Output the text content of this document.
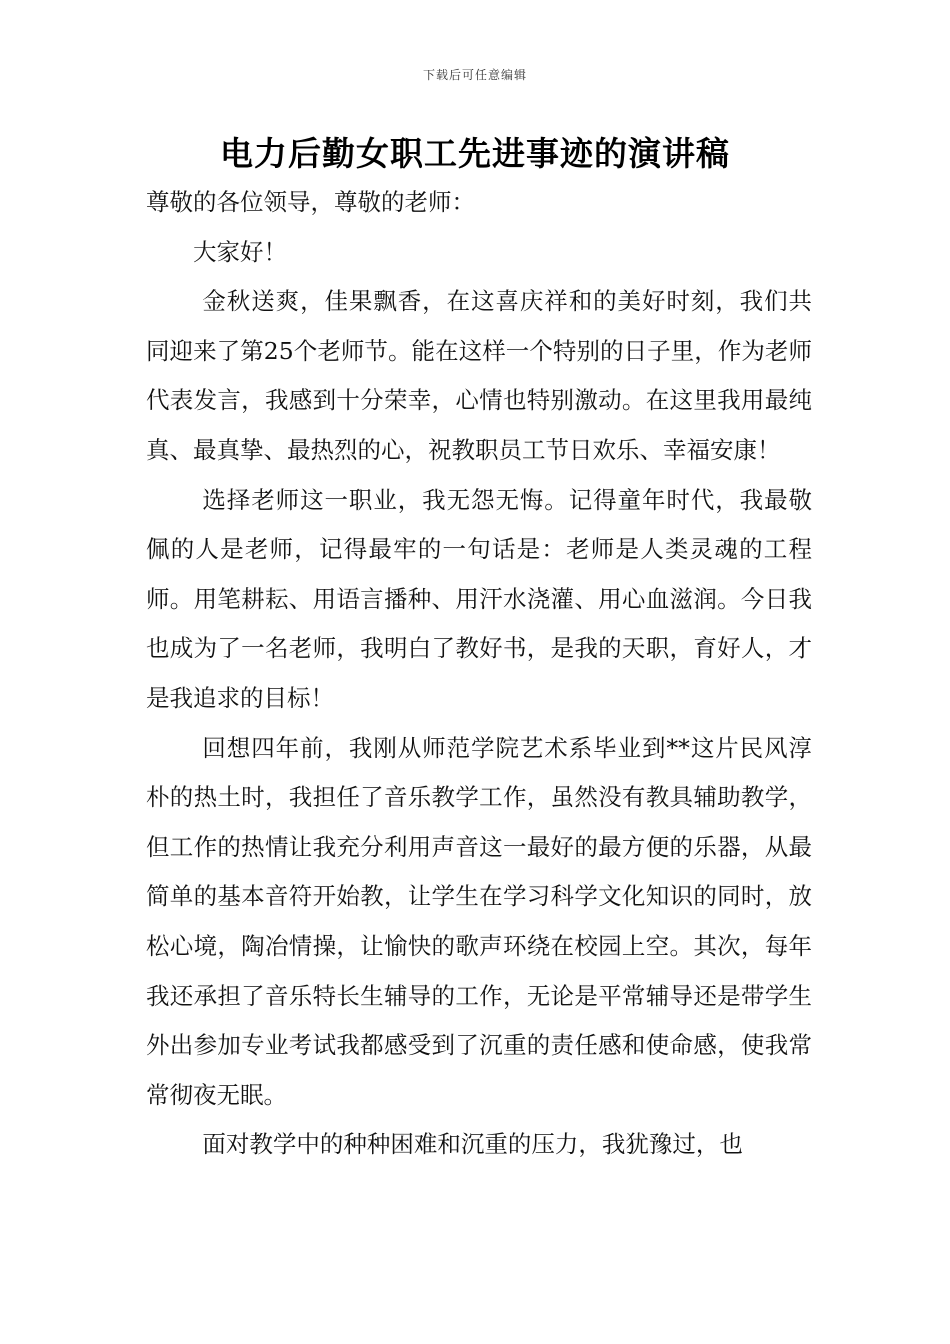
下载后可任意编辑
电力后勤女职工先进事迹的演讲稿

尊敬的各位领导，尊敬的老师：

大家好！

金秋送爽，佳果飘香，在这喜庆祥和的美好时刻，我们共同迎来了第25个老师节。能在这样一个特别的日子里，作为老师代表发言，我感到十分荣幸，心情也特别激动。在这里我用最纯真、最真挚、最热烈的心，祝教职员工节日欢乐、幸福安康！

选择老师这一职业，我无怨无悔。记得童年时代，我最敬佩的人是老师，记得最牢的一句话是：老师是人类灵魂的工程师。用笔耕耘、用语言播种、用汗水浇灌、用心血滋润。今日我也成为了一名老师，我明白了教好书，是我的天职，育好人，才是我追求的目标！

回想四年前，我刚从师范学院艺术系毕业到**这片民风淳朴的热土时，我担任了音乐教学工作，虽然没有教具辅助教学，但工作的热情让我充分利用声音这一最好的最方便的乐器，从最简单的基本音符开始教，让学生在学习科学文化知识的同时，放松心境，陶冶情操，让愉快的歌声环绕在校园上空。其次，每年我还承担了音乐特长生辅导的工作，无论是平常辅导还是带学生外出参加专业考试我都感受到了沉重的责任感和使命感，使我常常彻夜无眠。

面对教学中的种种困难和沉重的压力，我犹豫过，也
